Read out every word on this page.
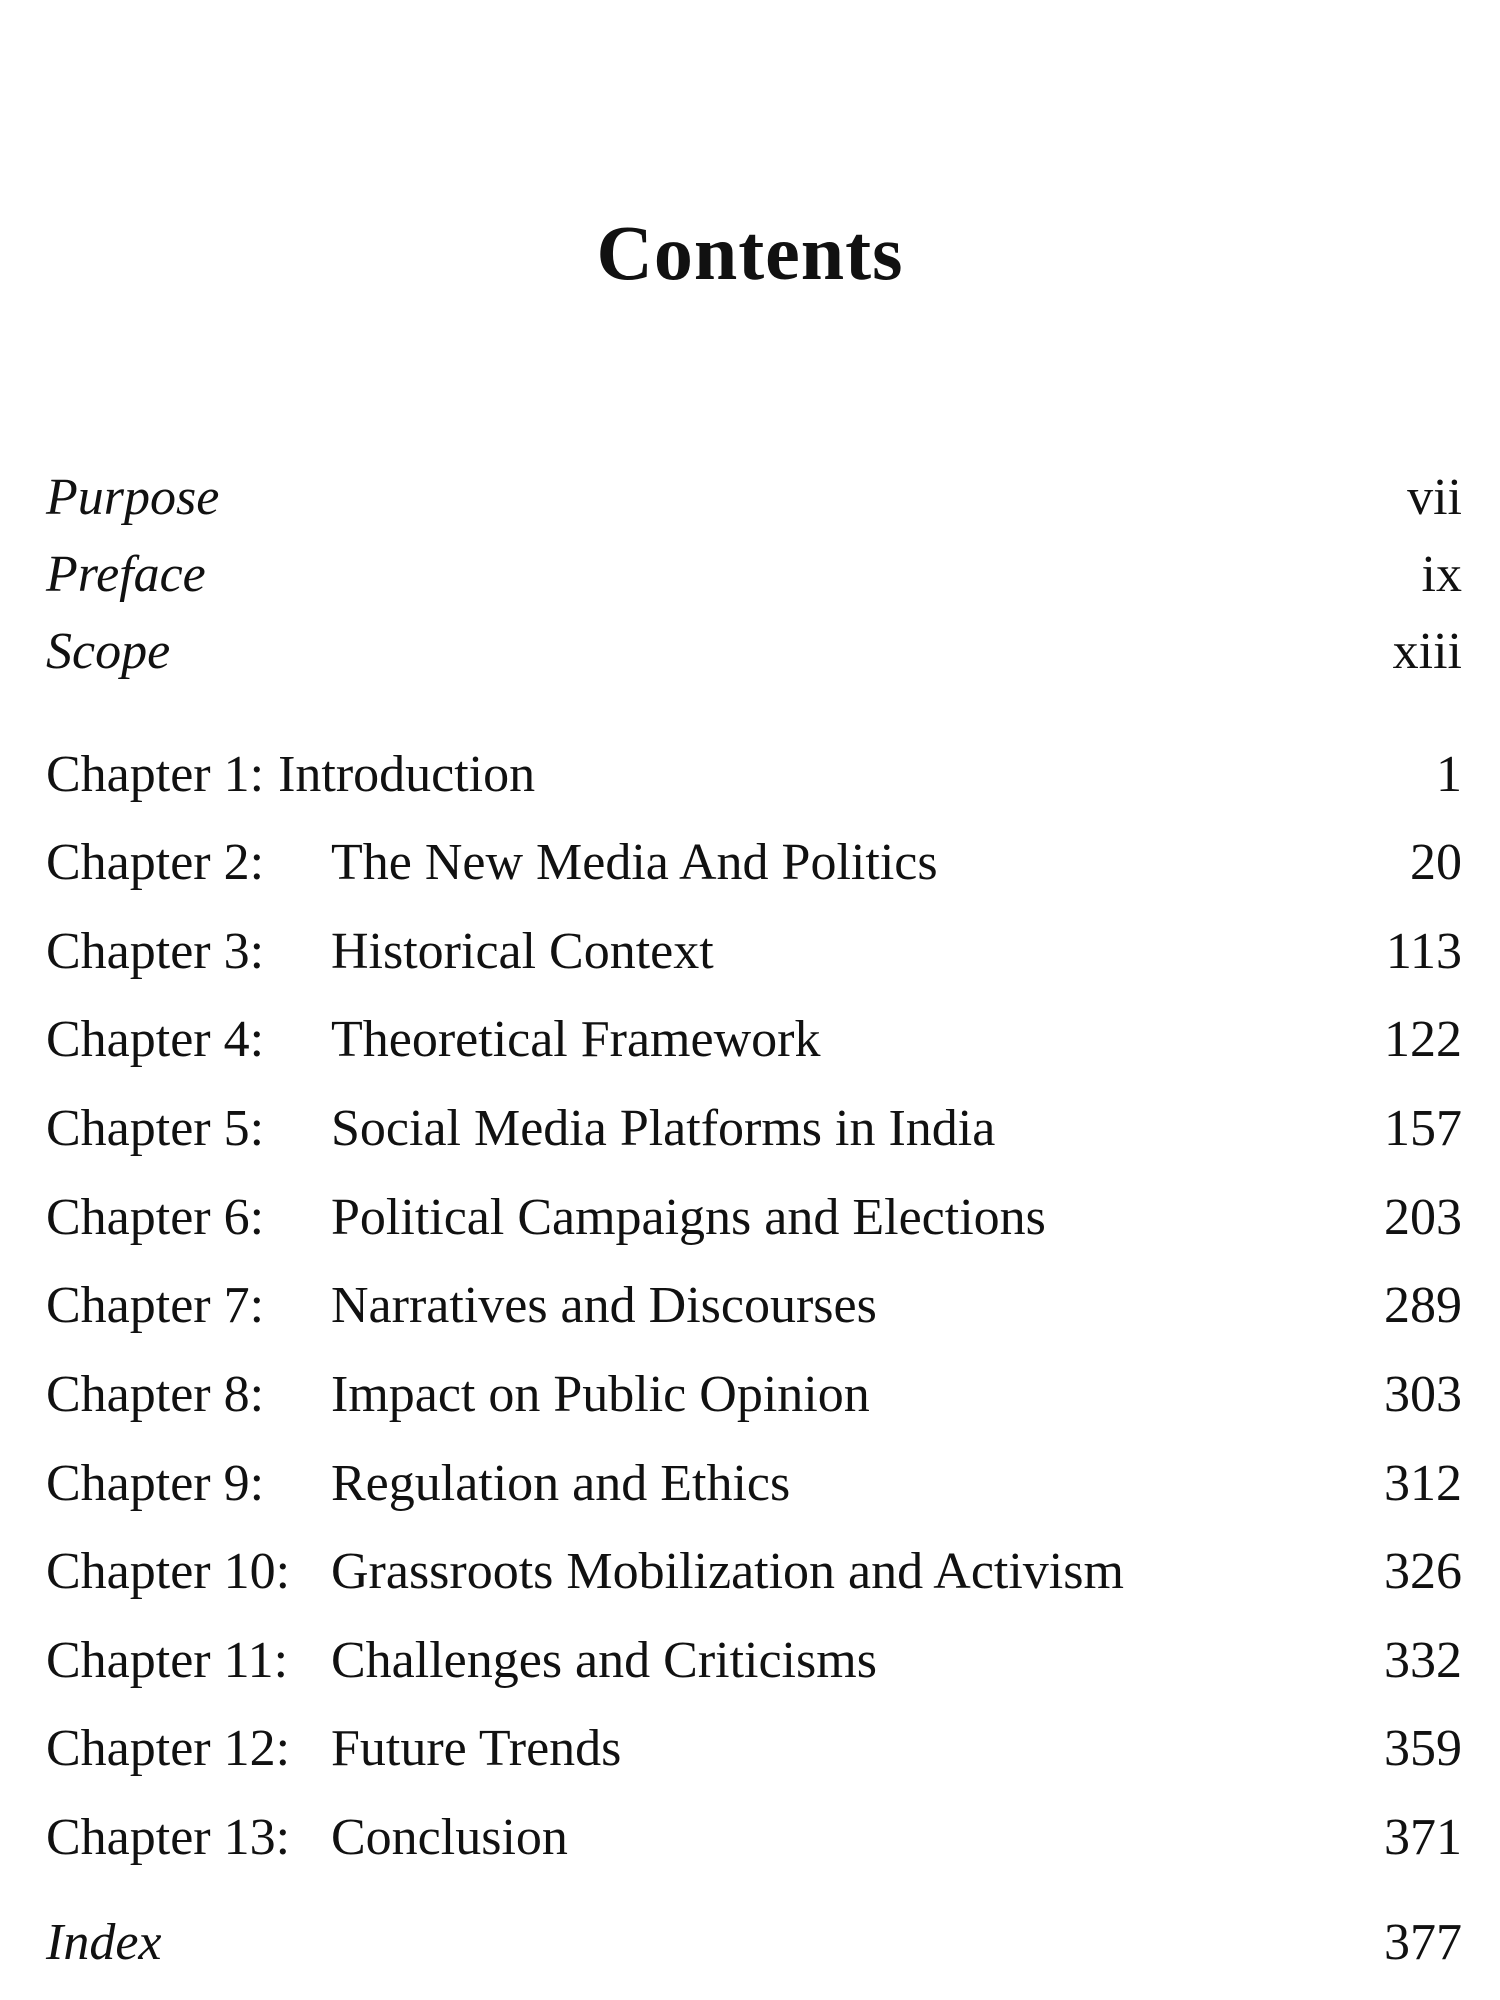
Contents
Purpose	vii
Preface	ix
Scope	xiii
Chapter 1: Introduction	1
Chapter 2: The New Media And Politics	20
Chapter 3: Historical Context	113
Chapter 4: Theoretical Framework	122
Chapter 5: Social Media Platforms in India	157
Chapter 6: Political Campaigns and Elections	203
Chapter 7: Narratives and Discourses	289
Chapter 8: Impact on Public Opinion	303
Chapter 9: Regulation and Ethics	312
Chapter 10: Grassroots Mobilization and Activism	326
Chapter 11: Challenges and Criticisms	332
Chapter 12: Future Trends	359
Chapter 13: Conclusion	371
Index	377
